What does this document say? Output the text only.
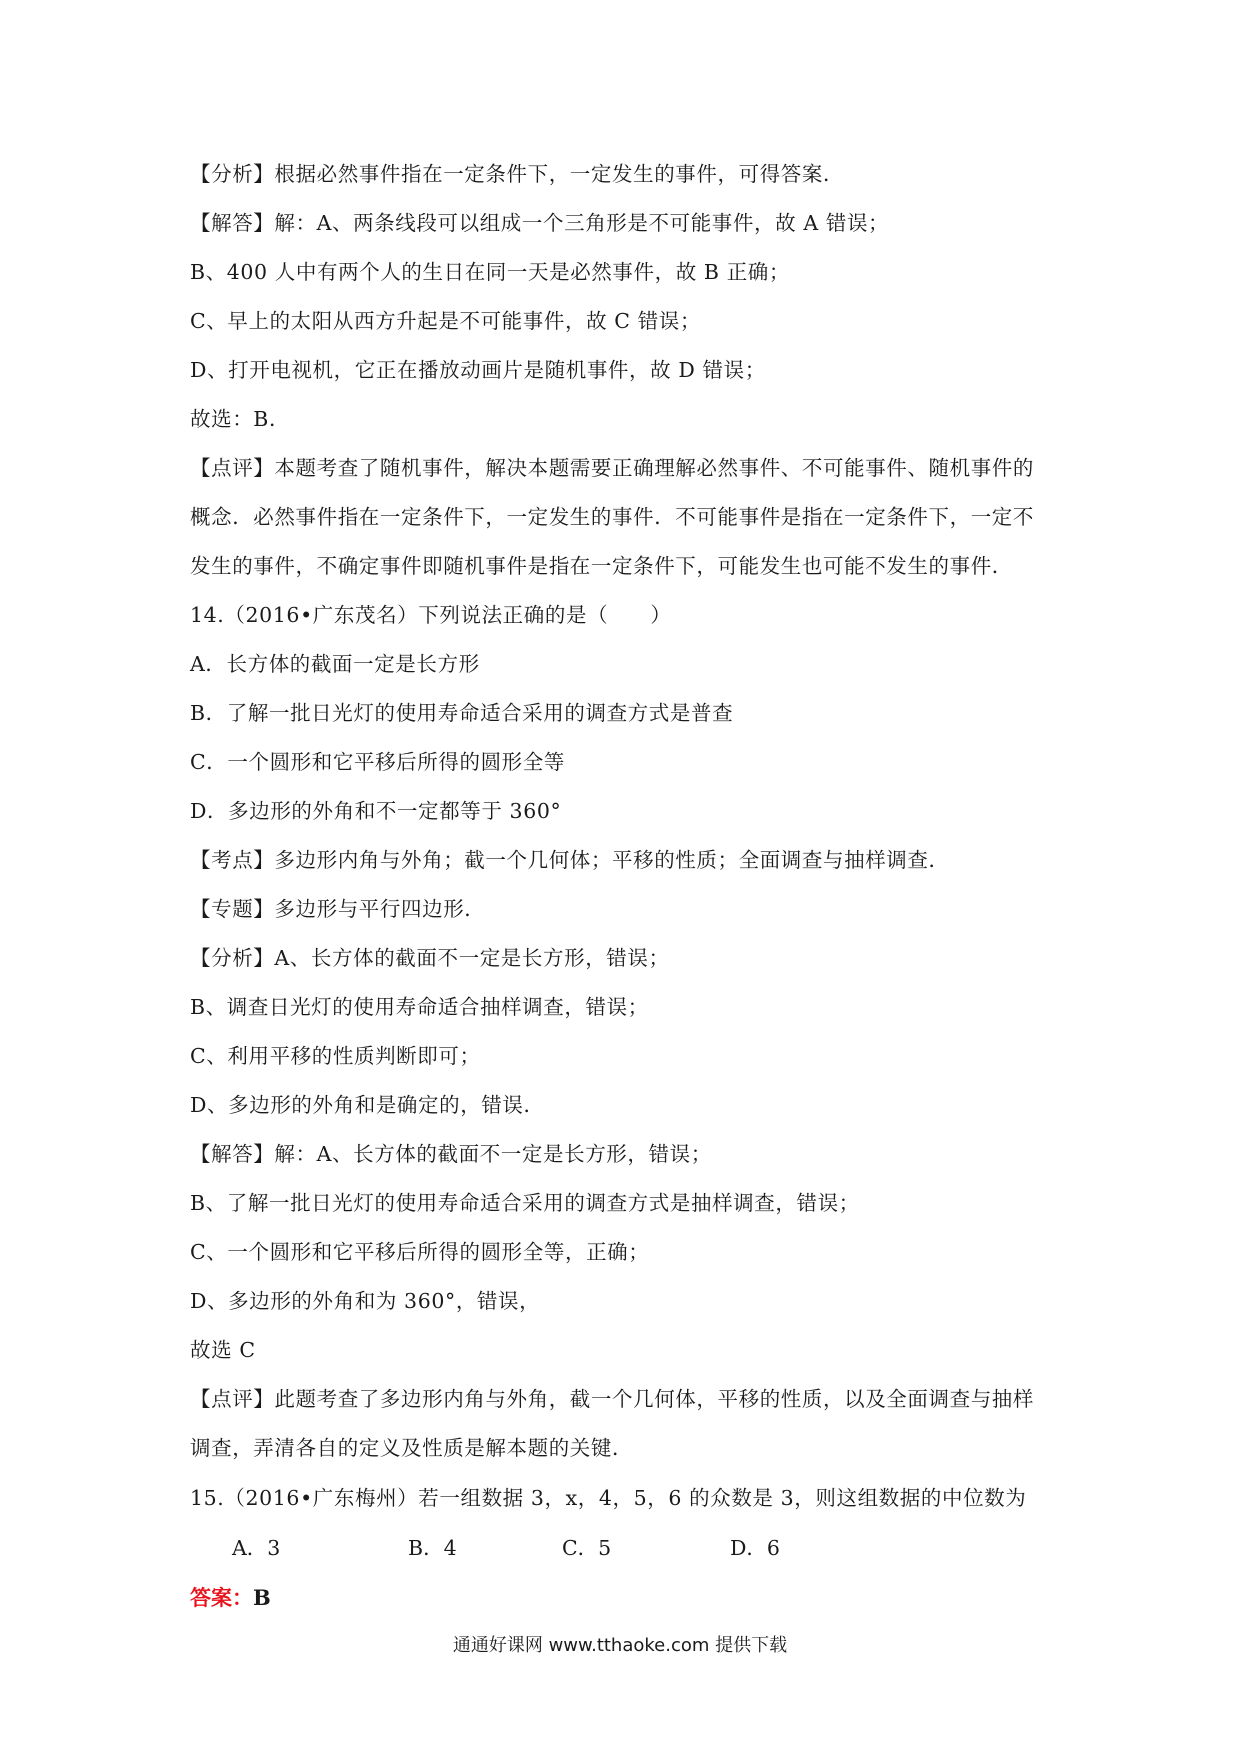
【分析】根据必然事件指在一定条件下，一定发生的事件，可得答案．
【解答】解：A、两条线段可以组成一个三角形是不可能事件，故 A 错误；
B、400 人中有两个人的生日在同一天是必然事件，故 B 正确；
C、早上的太阳从西方升起是不可能事件，故 C 错误；
D、打开电视机，它正在播放动画片是随机事件，故 D 错误；
故选：B．
【点评】本题考查了随机事件，解决本题需要正确理解必然事件、不可能事件、随机事件的
概念．必然事件指在一定条件下，一定发生的事件．不可能事件是指在一定条件下，一定不
发生的事件，不确定事件即随机事件是指在一定条件下，可能发生也可能不发生的事件．
14.（2016•广东茂名）下列说法正确的是（　　）
A．长方体的截面一定是长方形
B．了解一批日光灯的使用寿命适合采用的调查方式是普查
C．一个圆形和它平移后所得的圆形全等
D．多边形的外角和不一定都等于 360°
【考点】多边形内角与外角；截一个几何体；平移的性质；全面调查与抽样调查．
【专题】多边形与平行四边形．
【分析】A、长方体的截面不一定是长方形，错误；
B、调查日光灯的使用寿命适合抽样调查，错误；
C、利用平移的性质判断即可；
D、多边形的外角和是确定的，错误．
【解答】解：A、长方体的截面不一定是长方形，错误；
B、了解一批日光灯的使用寿命适合采用的调查方式是抽样调查，错误；
C、一个圆形和它平移后所得的圆形全等，正确；
D、多边形的外角和为 360°，错误，
故选 C
【点评】此题考查了多边形内角与外角，截一个几何体，平移的性质，以及全面调查与抽样
调查，弄清各自的定义及性质是解本题的关键．
15.（2016•广东梅州）若一组数据 3，x，4，5，6 的众数是 3，则这组数据的中位数为
A．3	B．4	C．5	D．6
答案：B
通通好课网 www.tthaoke.com 提供下载
